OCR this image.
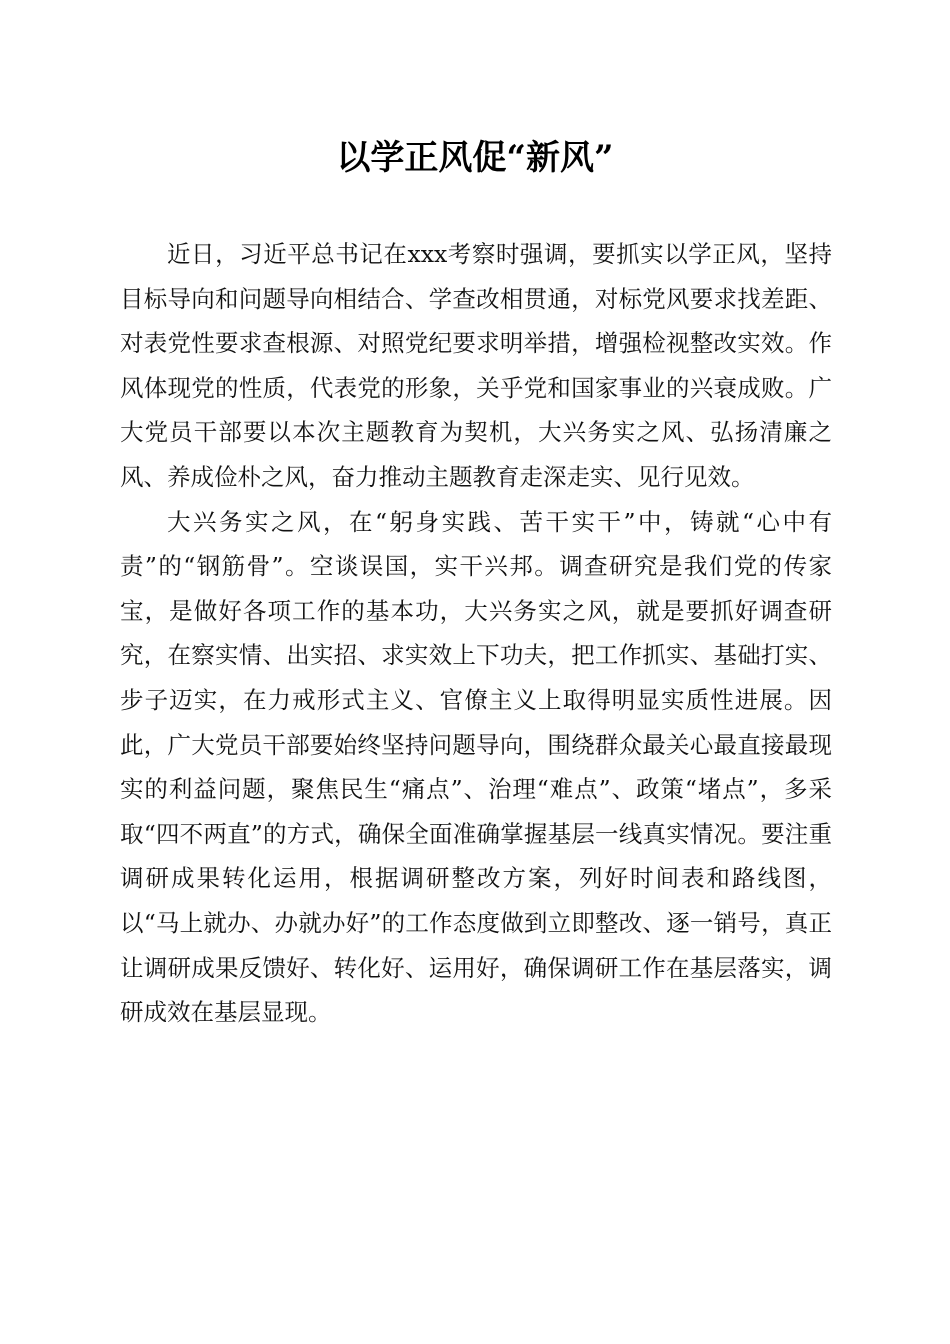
以学正风促“新风”

近日，习近平总书记在xxx考察时强调，要抓实以学正风，坚持目标导向和问题导向相结合、学查改相贯通，对标党风要求找差距、对表党性要求查根源、对照党纪要求明举措，增强检视整改实效。作风体现党的性质，代表党的形象，关乎党和国家事业的兴衰成败。广大党员干部要以本次主题教育为契机，大兴务实之风、弘扬清廉之风、养成俭朴之风，奋力推动主题教育走深走实、见行见效。

大兴务实之风，在“躬身实践、苦干实干”中，铸就“心中有责”的“钢筋骨”。空谈误国，实干兴邦。调查研究是我们党的传家宝，是做好各项工作的基本功，大兴务实之风，就是要抓好调查研究，在察实情、出实招、求实效上下功夫，把工作抓实、基础打实、步子迈实，在力戒形式主义、官僚主义上取得明显实质性进展。因此，广大党员干部要始终坚持问题导向，围绕群众最关心最直接最现实的利益问题，聚焦民生“痛点”、治理“难点”、政策“堵点”，多采取“四不两直”的方式，确保全面准确掌握基层一线真实情况。要注重调研成果转化运用，根据调研整改方案，列好时间表和路线图，以“马上就办、办就办好”的工作态度做到立即整改、逐一销号，真正让调研成果反馈好、转化好、运用好，确保调研工作在基层落实，调研成效在基层显现。
